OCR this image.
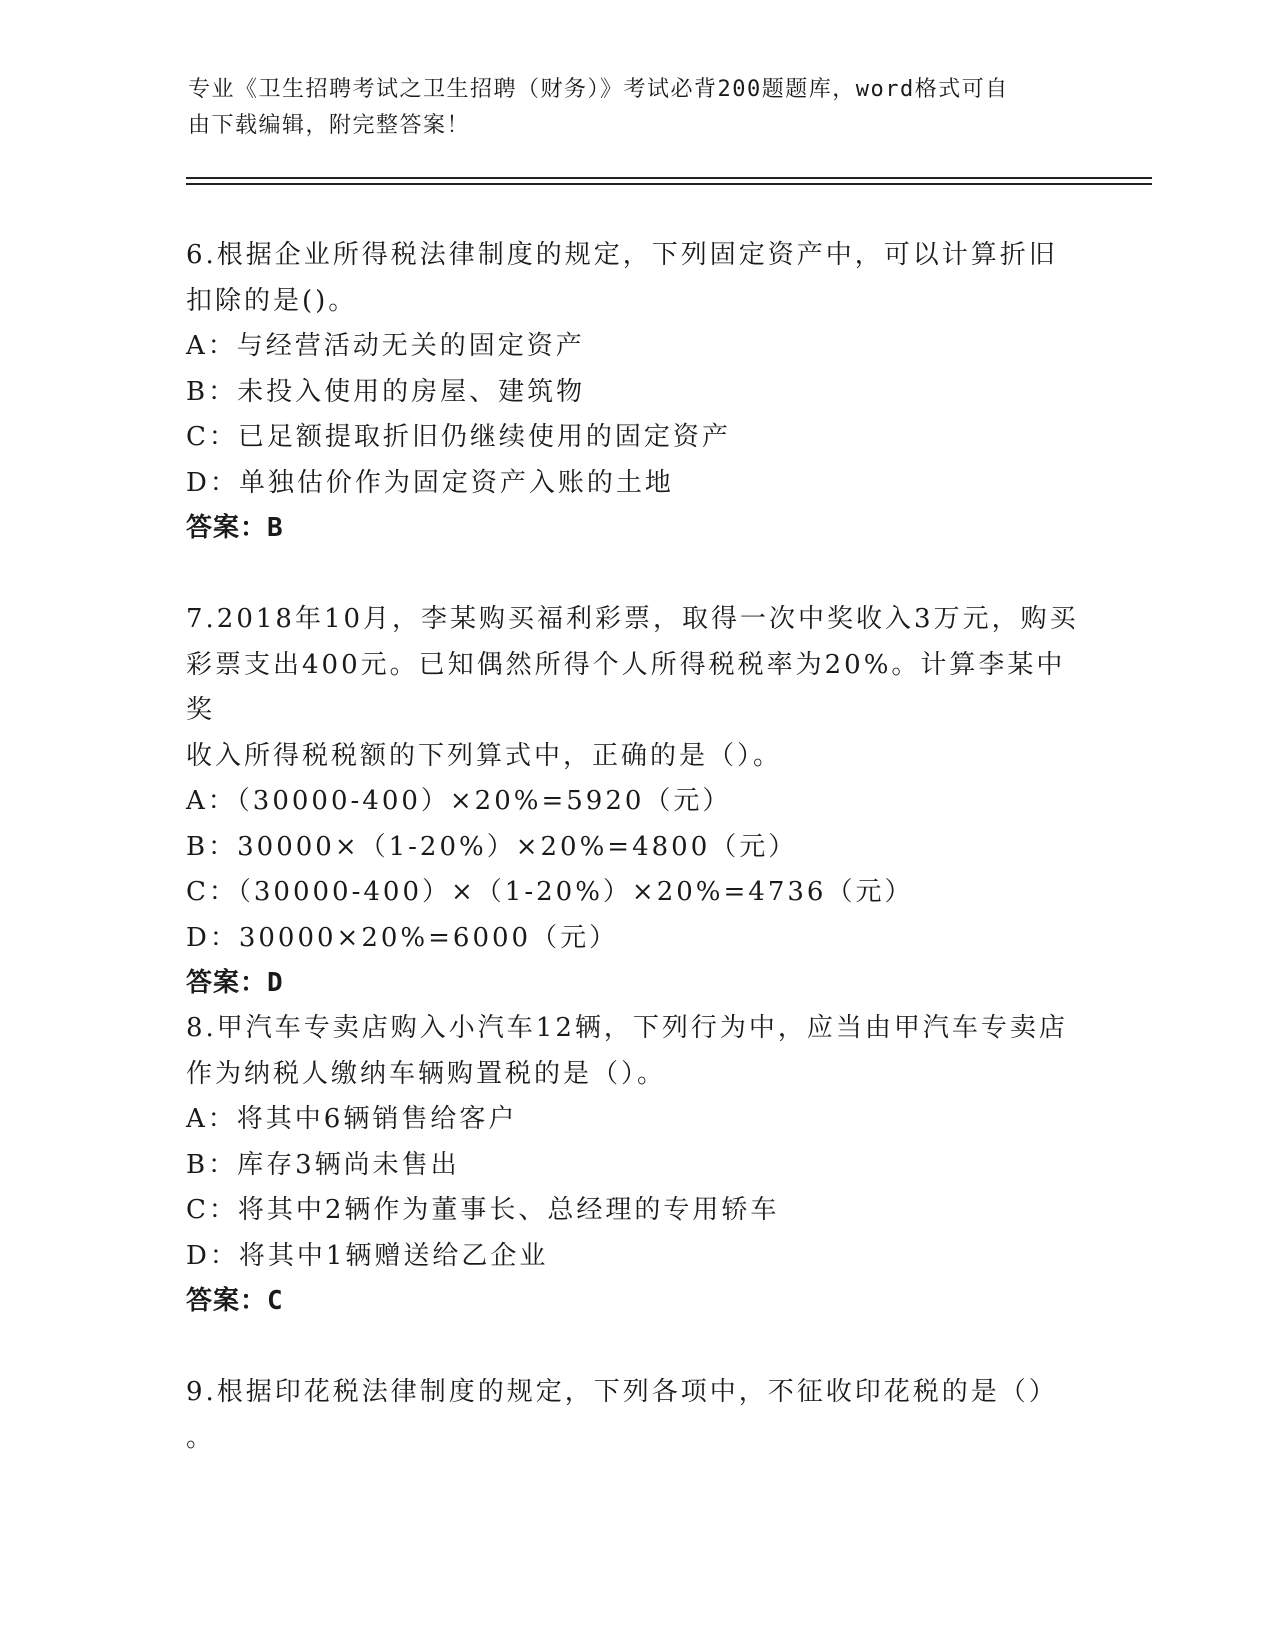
专业《卫生招聘考试之卫生招聘（财务）》考试必背200题题库，word格式可自
由下载编辑，附完整答案！
6.根据企业所得税法律制度的规定，下列固定资产中，可以计算折旧
扣除的是()。
A：与经营活动无关的固定资产
B：未投入使用的房屋、建筑物
C：已足额提取折旧仍继续使用的固定资产
D：单独估价作为固定资产入账的土地
答案：B
7.2018年10月，李某购买福利彩票，取得一次中奖收入3万元，购买
彩票支出400元。已知偶然所得个人所得税税率为20%。计算李某中奖
收入所得税税额的下列算式中，正确的是（）。
A：（30000-400）×20%=5920（元）
B：30000×（1-20%）×20%=4800（元）
C：（30000-400）×（1-20%）×20%=4736（元）
D：30000×20%=6000（元）
答案：D
8.甲汽车专卖店购入小汽车12辆，下列行为中，应当由甲汽车专卖店
作为纳税人缴纳车辆购置税的是（）。
A：将其中6辆销售给客户
B：库存3辆尚未售出
C：将其中2辆作为董事长、总经理的专用轿车
D：将其中1辆赠送给乙企业
答案：C
9.根据印花税法律制度的规定，下列各项中，不征收印花税的是（）
。
